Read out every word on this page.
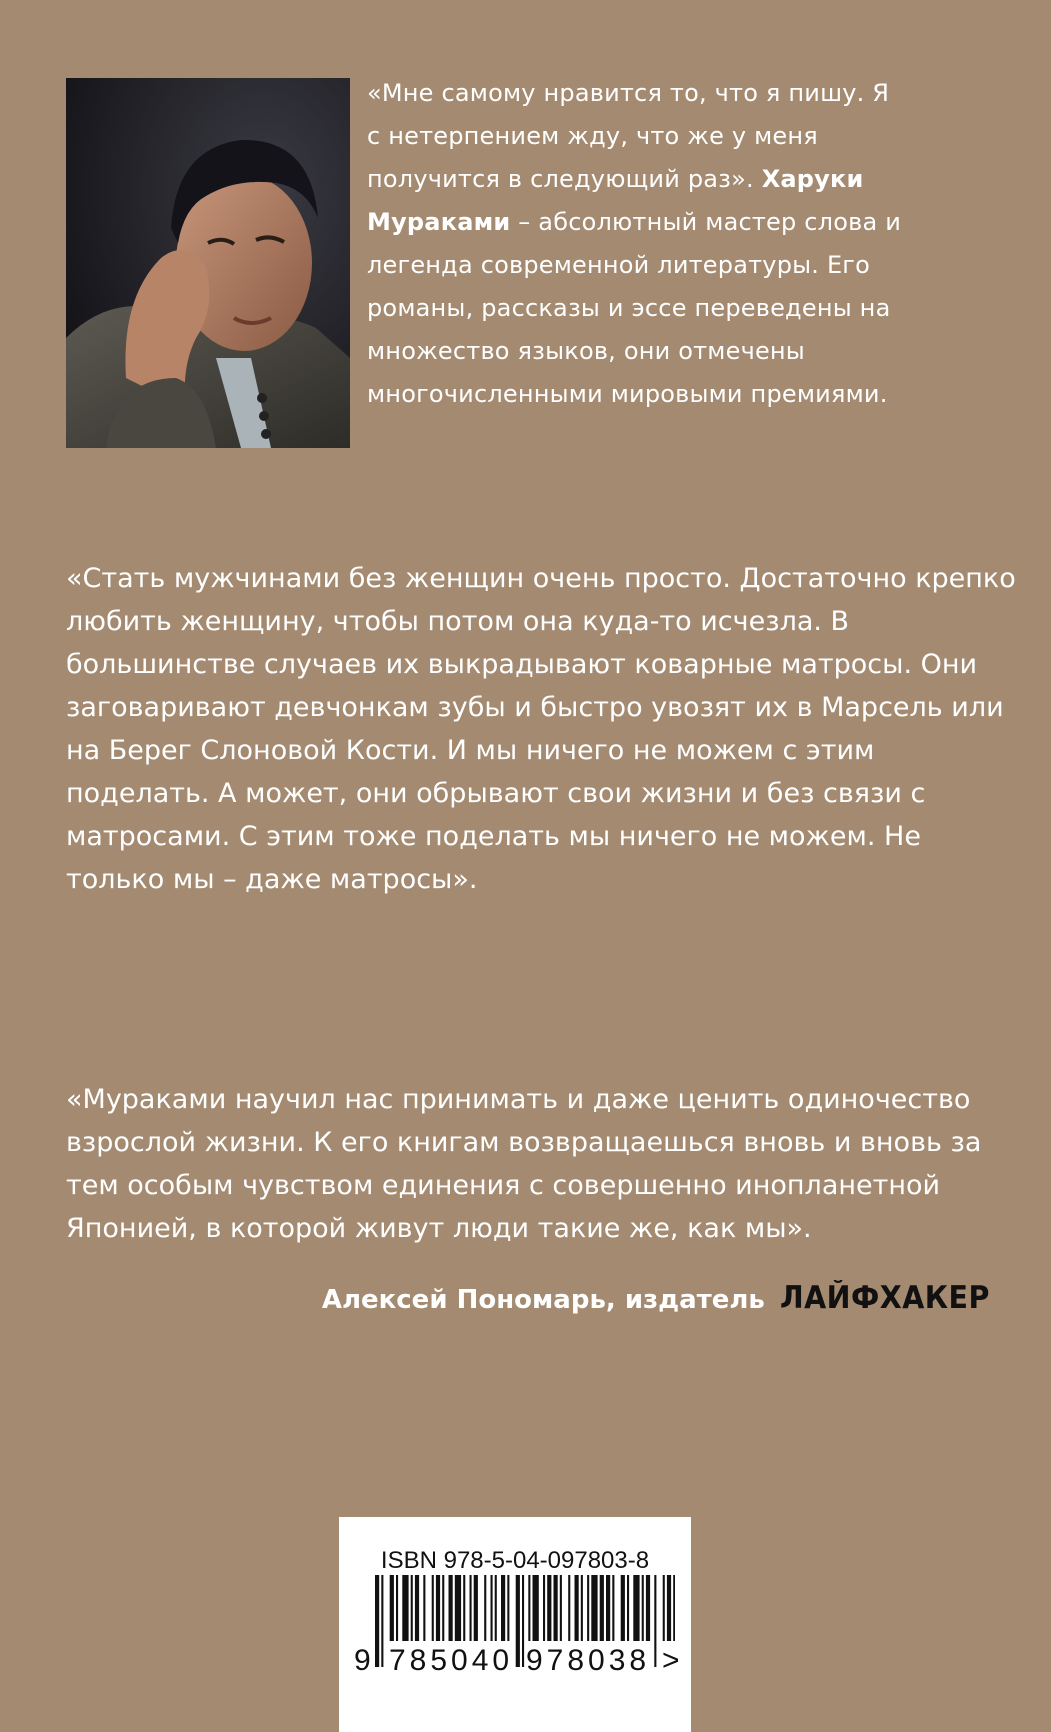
«Мне самому нравится то, что я пишу. Я с нетерпением жду, что же у меня получится в следующий раз». Харуки Мураками – абсолютный мастер слова и легенда современной литературы. Его романы, рассказы и эссе переведены на множество языков, они отмечены многочисленными мировыми премиями.

«Стать мужчинами без женщин очень просто. Достаточно крепко любить женщину, чтобы потом она куда-то исчезла. В большинстве случаев их выкрадывают коварные матросы. Они заговаривают девчонкам зубы и быстро увозят их в Марсель или на Берег Слоновой Кости. И мы ничего не можем с этим поделать. А может, они обрывают свои жизни и без связи с матросами. С этим тоже поделать мы ничего не можем. Не только мы – даже матросы».

«Мураками научил нас принимать и даже ценить одиночество взрослой жизни. К его книгам возвращаешься вновь и вновь за тем особым чувством единения с совершенно инопланетной Японией, в которой живут люди такие же, как мы».

Алексей Пономарь, издатель ЛАЙФХАКЕР
ISBN 978-5-04-097803-8
9 785040 978038 >
